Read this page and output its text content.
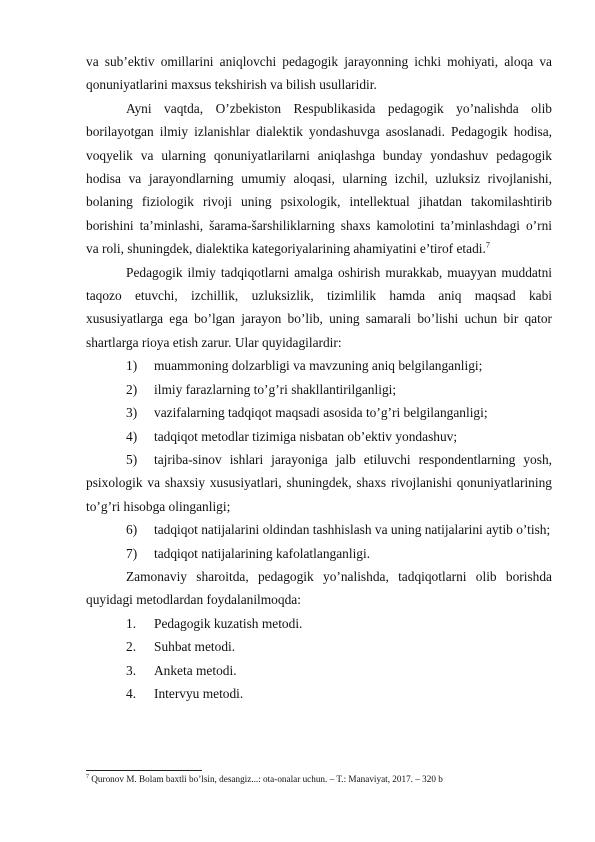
va sub’ektiv omillarini aniqlovchi pedagogik jarayonning ichki mohiyati, aloqa va qonuniyatlarini maxsus tekshirish va bilish usullaridir.

Ayni vaqtda, O’zbekiston Respublikasida pedagogik yo’nalishda olib borilayotgan ilmiy izlanishlar dialektik yondashuvga asoslanadi. Pedagogik hodisa, voqyelik va ularning qonuniyatlarilarni aniqlashga bunday yondashuv pedagogik hodisa va jarayondlarning umumiy aloqasi, ularning izchil, uzluksiz rivojlanishi, bolaning fiziologik rivoji uning psixologik, intellektual jihatdan takomilashtirib borishini ta’minlashi, šarama-šarshiliklarning shaxs kamolotini ta’minlashdagi o’rni va roli, shuningdek, dialektika kategoriyalarining ahamiyatini e’tirof etadi.$^7$

Pedagogik ilmiy tadqiqotlarni amalga oshirish murakkab, muayyan muddatni taqozo etuvchi, izchillik, uzluksizlik, tizimlilik hamda aniq maqsad kabi xususiyatlarga ega bo’lgan jarayon bo’lib, uning samarali bo’lishi uchun bir qator shartlarga rioya etish zarur. Ular quyidagilardir:

1) muammoning dolzarbligi va mavzuning aniq belgilanganligi;

2) ilmiy farazlarning to’g’ri shakllantirilganligi;

3) vazifalarning tadqiqot maqsadi asosida to’g’ri belgilanganligi;

4) tadqiqot metodlar tizimiga nisbatan ob’ektiv yondashuv;

5) tajriba-sinov ishlari jarayoniga jalb etiluvchi respondentlarning yosh, psixologik va shaxsiy xususiyatlari, shuningdek, shaxs rivojlanishi qonuniyatlarining to’g’ri hisobga olinganligi;

6) tadqiqot natijalarini oldindan tashhislash va uning natijalarini aytib o’tish;

7) tadqiqot natijalarining kafolatlanganligi.

Zamonaviy sharoitda, pedagogik yo’nalishda, tadqiqotlarni olib borishda quyidagi metodlardan foydalanilmoqda:

1. Pedagogik kuzatish metodi.

2. Suhbat metodi.

3. Anketa metodi.

4. Intervyu metodi.

$^7$ Quronov M. Bolam baxtli bo’lsin, desangiz...: ota-onalar uchun. – T.: Manaviyat, 2017. – 320 b
